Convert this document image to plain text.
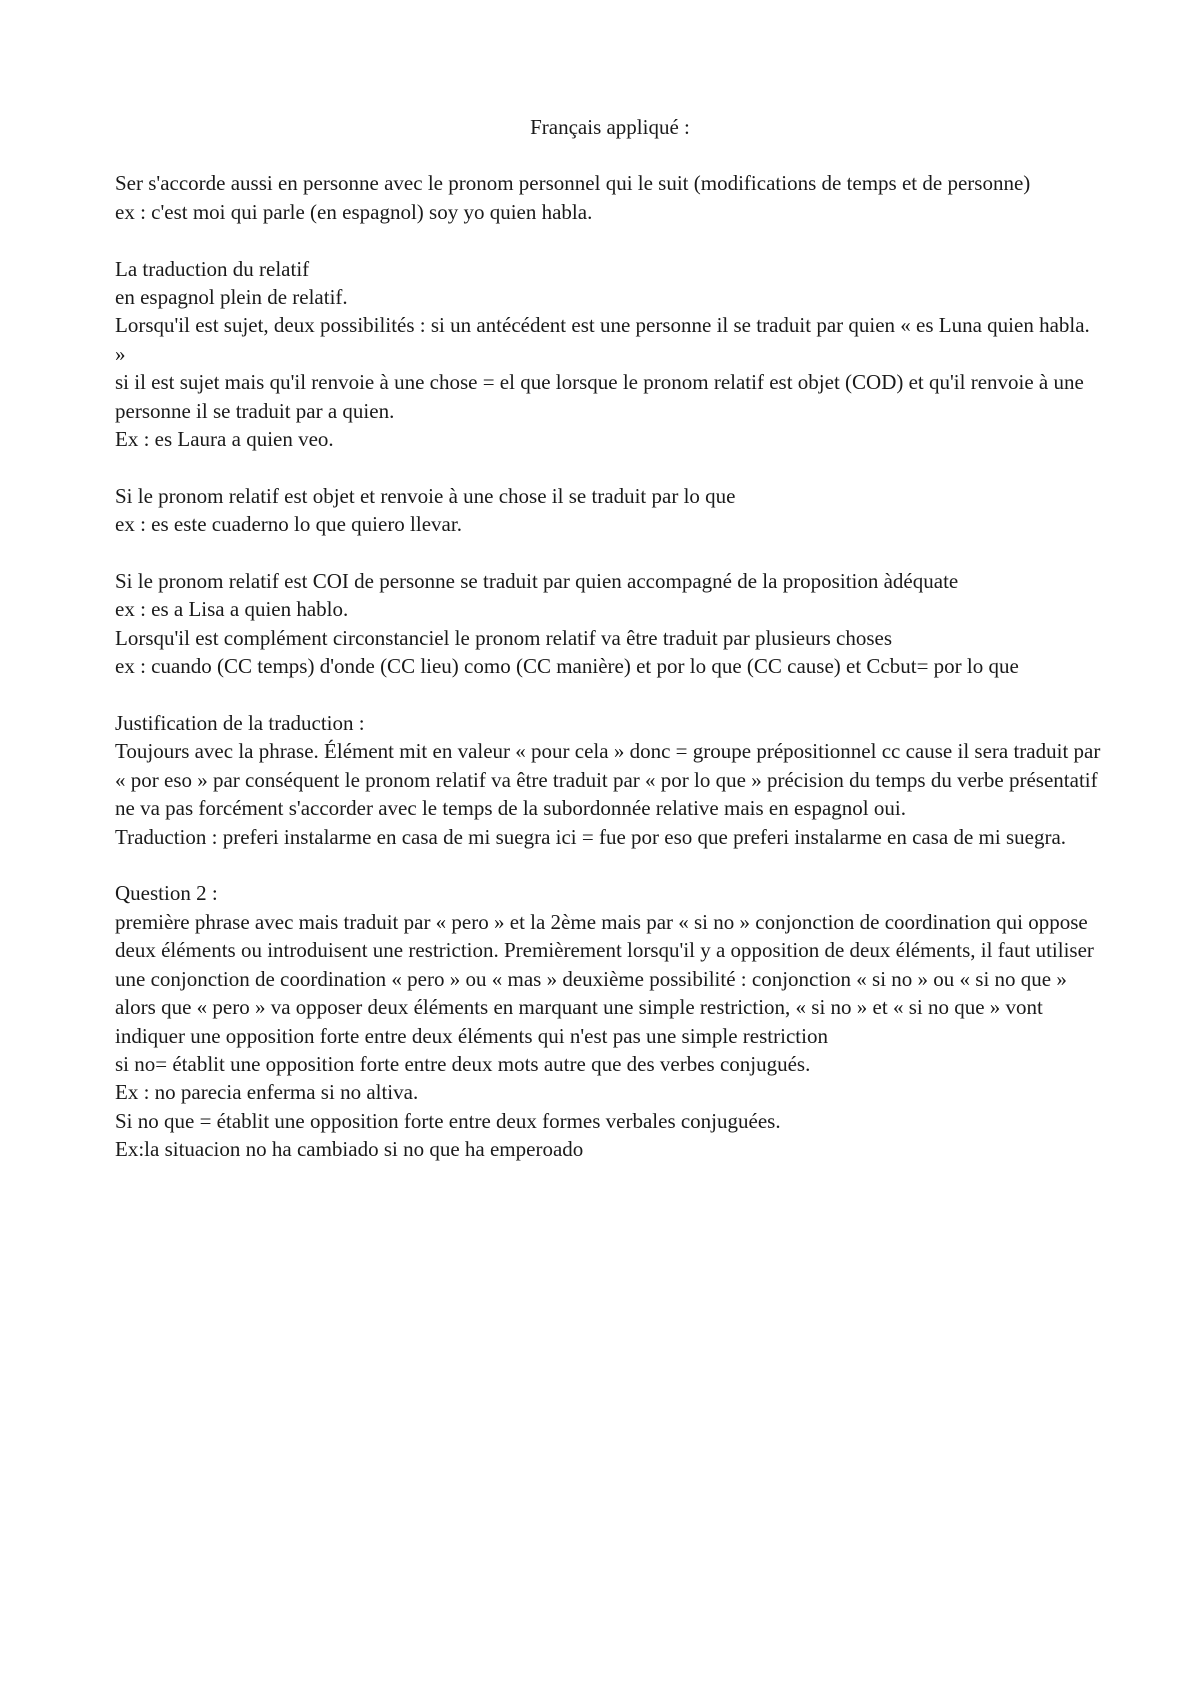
Français appliqué :

Ser s'accorde aussi en personne avec le pronom personnel qui le suit (modifications de temps et de personne)
ex : c'est moi qui parle (en espagnol) soy yo quien habla.
La traduction du relatif
en espagnol plein de relatif.
Lorsqu'il est sujet, deux possibilités : si un antécédent est une personne il se traduit par quien « es Luna quien habla. »
si il est sujet mais qu'il renvoie à une chose = el que lorsque le pronom relatif est objet (COD) et qu'il renvoie à une personne il se traduit par a quien.
Ex : es Laura a quien veo.
Si le pronom relatif est objet et renvoie à une chose il se traduit par lo que
ex : es este cuaderno lo que quiero llevar.
Si le pronom relatif est COI de personne se traduit par quien accompagné de la proposition àdéquate
ex : es a Lisa a quien hablo.
Lorsqu'il est complément circonstanciel le pronom relatif va être traduit par plusieurs choses
ex : cuando (CC temps) d'onde (CC lieu) como (CC manière) et por lo que (CC cause) et Ccbut= por lo que
Justification de la traduction :
Toujours avec la phrase. Élément mit en valeur « pour cela » donc = groupe prépositionnel cc cause il sera traduit par « por eso » par conséquent le pronom relatif va être traduit par « por lo que » précision du temps du verbe présentatif ne va pas forcément s'accorder avec le temps de la subordonnée relative mais en espagnol oui.
Traduction : preferi instalarme en casa de mi suegra ici = fue por eso que preferi instalarme en casa de mi suegra.
Question 2 :
première phrase avec mais traduit par « pero » et la 2ème mais par « si no » conjonction de coordination qui oppose deux éléments ou introduisent une restriction. Premièrement lorsqu'il y a opposition de deux éléments, il faut utiliser une conjonction de coordination « pero » ou « mas » deuxième possibilité : conjonction « si no » ou « si no que »
alors que « pero » va opposer deux éléments en marquant une simple restriction, « si no » et « si no que » vont indiquer une opposition forte entre deux éléments qui n'est pas une simple restriction
si no= établit une opposition forte entre deux mots autre que des verbes conjugués.
Ex : no parecia enferma si no altiva.
Si no que = établit une opposition forte entre deux formes verbales conjuguées.
Ex:la situacion no ha cambiado si no que ha emperoado
